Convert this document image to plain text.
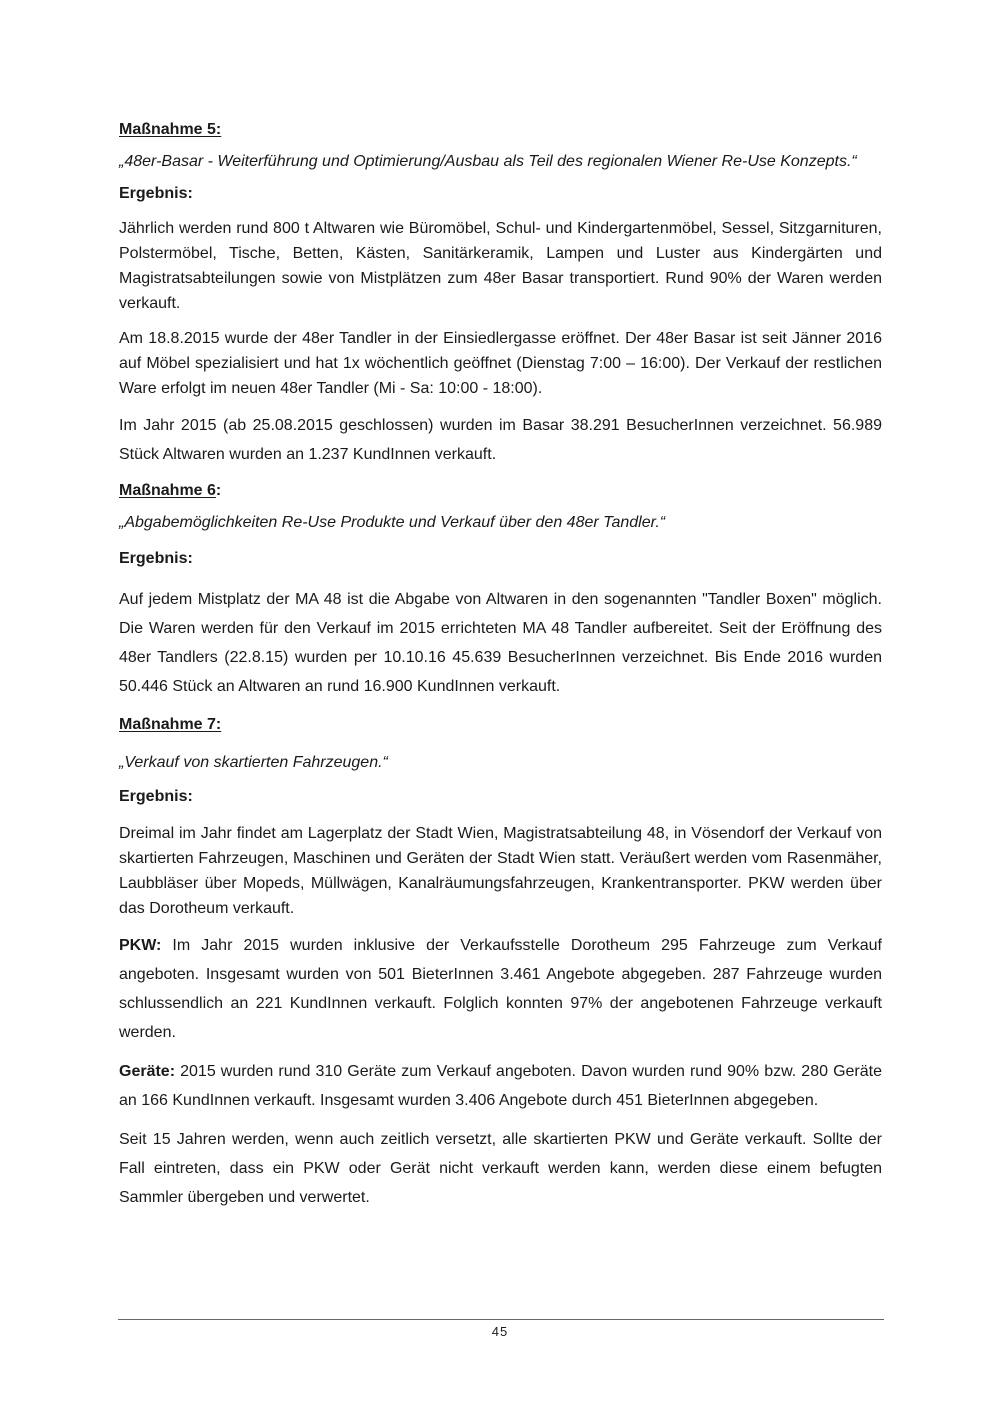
Maßnahme 5:
„48er-Basar - Weiterführung und Optimierung/Ausbau als Teil des regionalen Wiener Re-Use Konzepts.“
Ergebnis:

Jährlich werden rund 800 t Altwaren wie Büromöbel, Schul- und Kindergartenmöbel, Sessel, Sitzgarnituren, Polstermöbel, Tische, Betten, Kästen, Sanitärkeramik, Lampen und Luster aus Kindergärten und Magistratsabteilungen sowie von Mistplätzen zum 48er Basar transportiert. Rund 90% der Waren werden verkauft.

Am 18.8.2015 wurde der 48er Tandler in der Einsiedlergasse eröffnet. Der 48er Basar ist seit Jänner 2016 auf Möbel spezialisiert und hat 1x wöchentlich geöffnet (Dienstag 7:00 – 16:00). Der Verkauf der restlichen Ware erfolgt im neuen 48er Tandler (Mi - Sa: 10:00 - 18:00).

Im Jahr 2015 (ab 25.08.2015 geschlossen) wurden im Basar 38.291 BesucherInnen verzeichnet. 56.989 Stück Altwaren wurden an 1.237 KundInnen verkauft.

Maßnahme 6:
„Abgabemöglichkeiten Re-Use Produkte und Verkauf über den 48er Tandler.“
Ergebnis:

Auf jedem Mistplatz der MA 48 ist die Abgabe von Altwaren in den sogenannten "Tandler Boxen" möglich. Die Waren werden für den Verkauf im 2015 errichteten MA 48 Tandler aufbereitet. Seit der Eröffnung des 48er Tandlers (22.8.15) wurden per 10.10.16 45.639 BesucherInnen verzeichnet. Bis Ende 2016 wurden 50.446 Stück an Altwaren an rund 16.900 KundInnen verkauft.

Maßnahme 7:
„Verkauf von skartierten Fahrzeugen.“
Ergebnis:

Dreimal im Jahr findet am Lagerplatz der Stadt Wien, Magistratsabteilung 48, in Vösendorf der Verkauf von skartierten Fahrzeugen, Maschinen und Geräten der Stadt Wien statt. Veräußert werden vom Rasenmäher, Laubbläser über Mopeds, Müllwägen, Kanalräumungsfahrzeugen, Krankentransporter. PKW werden über das Dorotheum verkauft.

PKW: Im Jahr 2015 wurden inklusive der Verkaufsstelle Dorotheum 295 Fahrzeuge zum Verkauf angeboten. Insgesamt wurden von 501 BieterInnen 3.461 Angebote abgegeben. 287 Fahrzeuge wurden schlussendlich an 221 KundInnen verkauft. Folglich konnten 97% der angebotenen Fahrzeuge verkauft werden.

Geräte: 2015 wurden rund 310 Geräte zum Verkauf angeboten. Davon wurden rund 90% bzw. 280 Geräte an 166 KundInnen verkauft. Insgesamt wurden 3.406 Angebote durch 451 BieterInnen abgegeben.

Seit 15 Jahren werden, wenn auch zeitlich versetzt, alle skartierten PKW und Geräte verkauft. Sollte der Fall eintreten, dass ein PKW oder Gerät nicht verkauft werden kann, werden diese einem befugten Sammler übergeben und verwertet.

45
